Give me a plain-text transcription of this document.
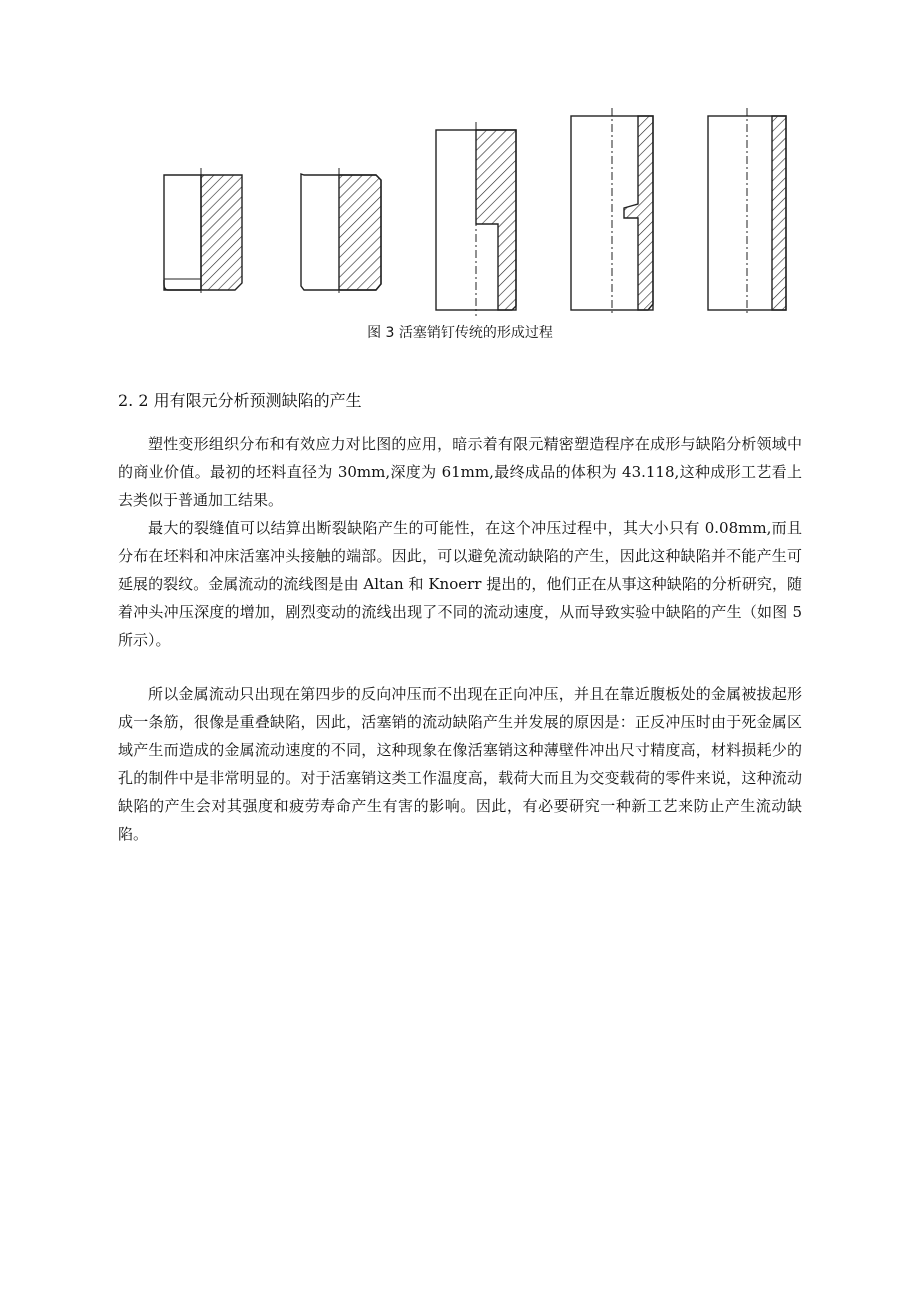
图 3 活塞销钉传统的形成过程
2. 2 用有限元分析预测缺陷的产生

塑性变形组织分布和有效应力对比图的应用，暗示着有限元精密塑造程序在成形与缺陷分析领域中的商业价值。最初的坯料直径为 30mm,深度为 61mm,最终成品的体积为 43.118,这种成形工艺看上去类似于普通加工结果。

最大的裂缝值可以结算出断裂缺陷产生的可能性，在这个冲压过程中，其大小只有 0.08mm,而且分布在坯料和冲床活塞冲头接触的端部。因此，可以避免流动缺陷的产生，因此这种缺陷并不能产生可延展的裂纹。金属流动的流线图是由 Altan 和 Knoerr 提出的，他们正在从事这种缺陷的分析研究，随着冲头冲压深度的增加，剧烈变动的流线出现了不同的流动速度，从而导致实验中缺陷的产生（如图 5 所示）。

所以金属流动只出现在第四步的反向冲压而不出现在正向冲压，并且在靠近腹板处的金属被拔起形成一条筋，很像是重叠缺陷，因此，活塞销的流动缺陷产生并发展的原因是：正反冲压时由于死金属区域产生而造成的金属流动速度的不同，这种现象在像活塞销这种薄壁件冲出尺寸精度高，材料损耗少的孔的制件中是非常明显的。对于活塞销这类工作温度高，载荷大而且为交变载荷的零件来说，这种流动缺陷的产生会对其强度和疲劳寿命产生有害的影响。因此，有必要研究一种新工艺来防止产生流动缺陷。
